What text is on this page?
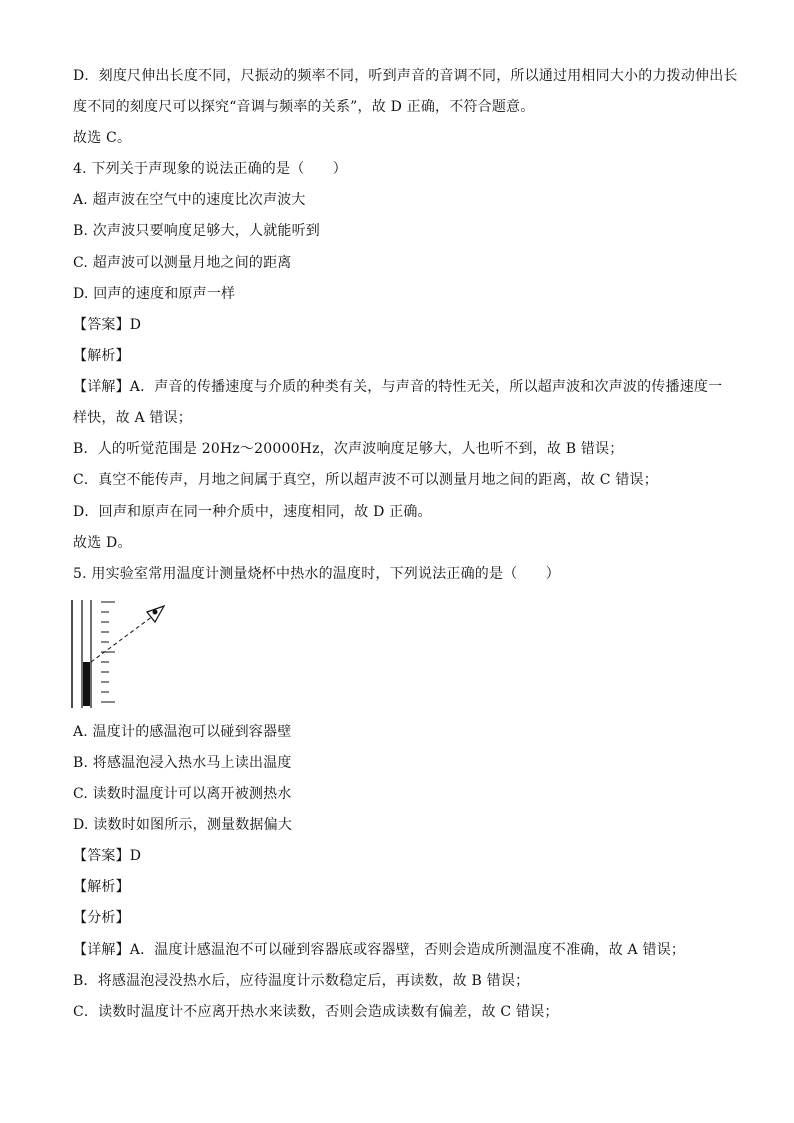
D．刻度尺伸出长度不同，尺振动的频率不同，听到声音的音调不同，所以通过用相同大小的力拨动伸出长
度不同的刻度尺可以探究“音调与频率的关系”，故 D 正确，不符合题意。
故选 C。
4. 下列关于声现象的说法正确的是（　　）
A. 超声波在空气中的速度比次声波大
B. 次声波只要响度足够大，人就能听到
C. 超声波可以测量月地之间的距离
D. 回声的速度和原声一样
【答案】D
【解析】
【详解】A．声音的传播速度与介质的种类有关，与声音的特性无关，所以超声波和次声波的传播速度一
样快，故 A 错误；
B．人的听觉范围是 20Hz～20000Hz，次声波响度足够大，人也听不到，故 B 错误；
C．真空不能传声，月地之间属于真空，所以超声波不可以测量月地之间的距离，故 C 错误；
D．回声和原声在同一种介质中，速度相同，故 D 正确。
故选 D。
5. 用实验室常用温度计测量烧杯中热水的温度时，下列说法正确的是（　　）
A. 温度计的感温泡可以碰到容器壁
B. 将感温泡浸入热水马上读出温度
C. 读数时温度计可以离开被测热水
D. 读数时如图所示，测量数据偏大
【答案】D
【解析】
【分析】
【详解】A．温度计感温泡不可以碰到容器底或容器壁，否则会造成所测温度不准确，故 A 错误；
B．将感温泡浸没热水后，应待温度计示数稳定后，再读数，故 B 错误；
C．读数时温度计不应离开热水来读数，否则会造成读数有偏差，故 C 错误；
